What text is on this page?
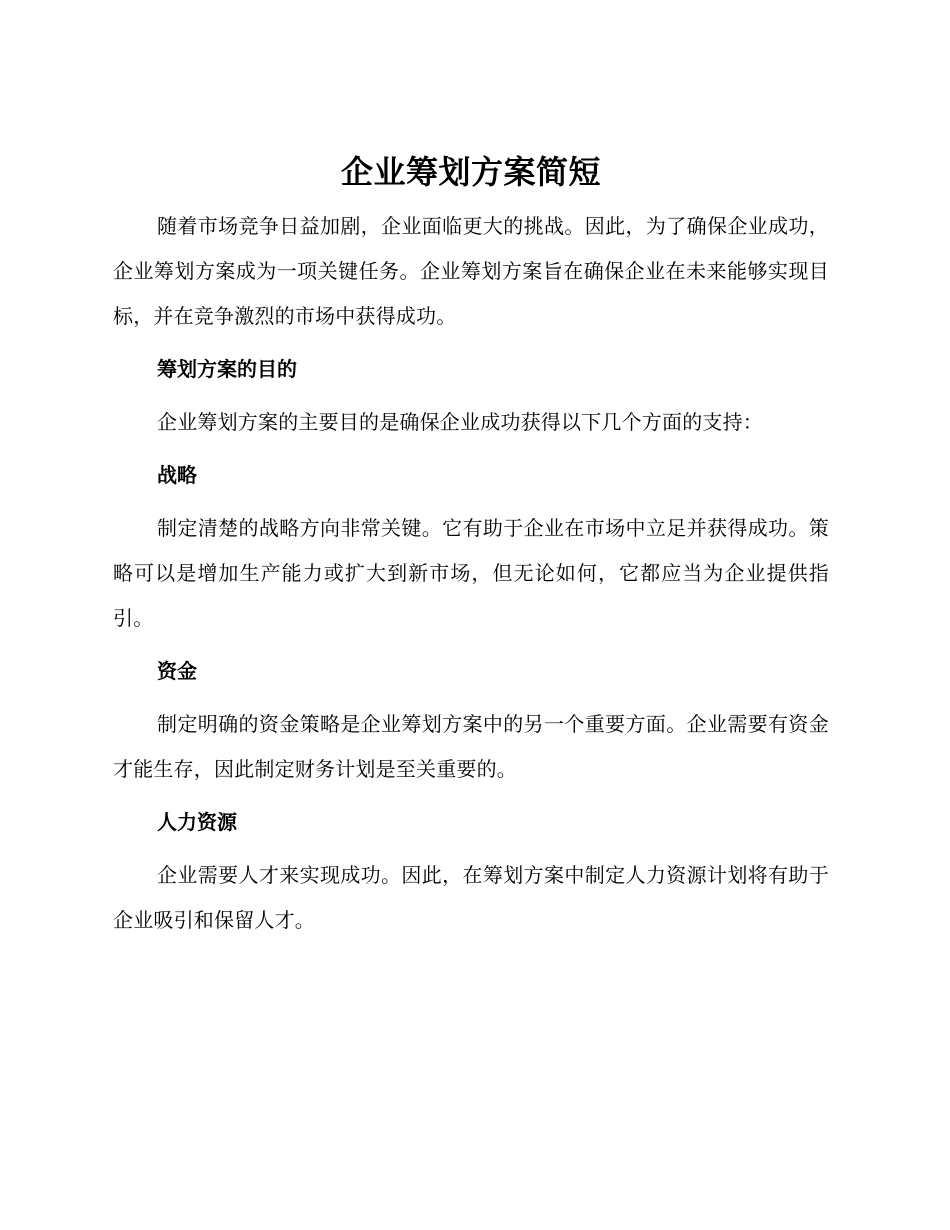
企业筹划方案简短

随着市场竞争日益加剧，企业面临更大的挑战。因此，为了确保企业成功，企业筹划方案成为一项关键任务。企业筹划方案旨在确保企业在未来能够实现目标，并在竞争激烈的市场中获得成功。

筹划方案的目的

企业筹划方案的主要目的是确保企业成功获得以下几个方面的支持：

战略

制定清楚的战略方向非常关键。它有助于企业在市场中立足并获得成功。策略可以是增加生产能力或扩大到新市场，但无论如何，它都应当为企业提供指引。

资金

制定明确的资金策略是企业筹划方案中的另一个重要方面。企业需要有资金才能生存，因此制定财务计划是至关重要的。

人力资源

企业需要人才来实现成功。因此，在筹划方案中制定人力资源计划将有助于企业吸引和保留人才。
